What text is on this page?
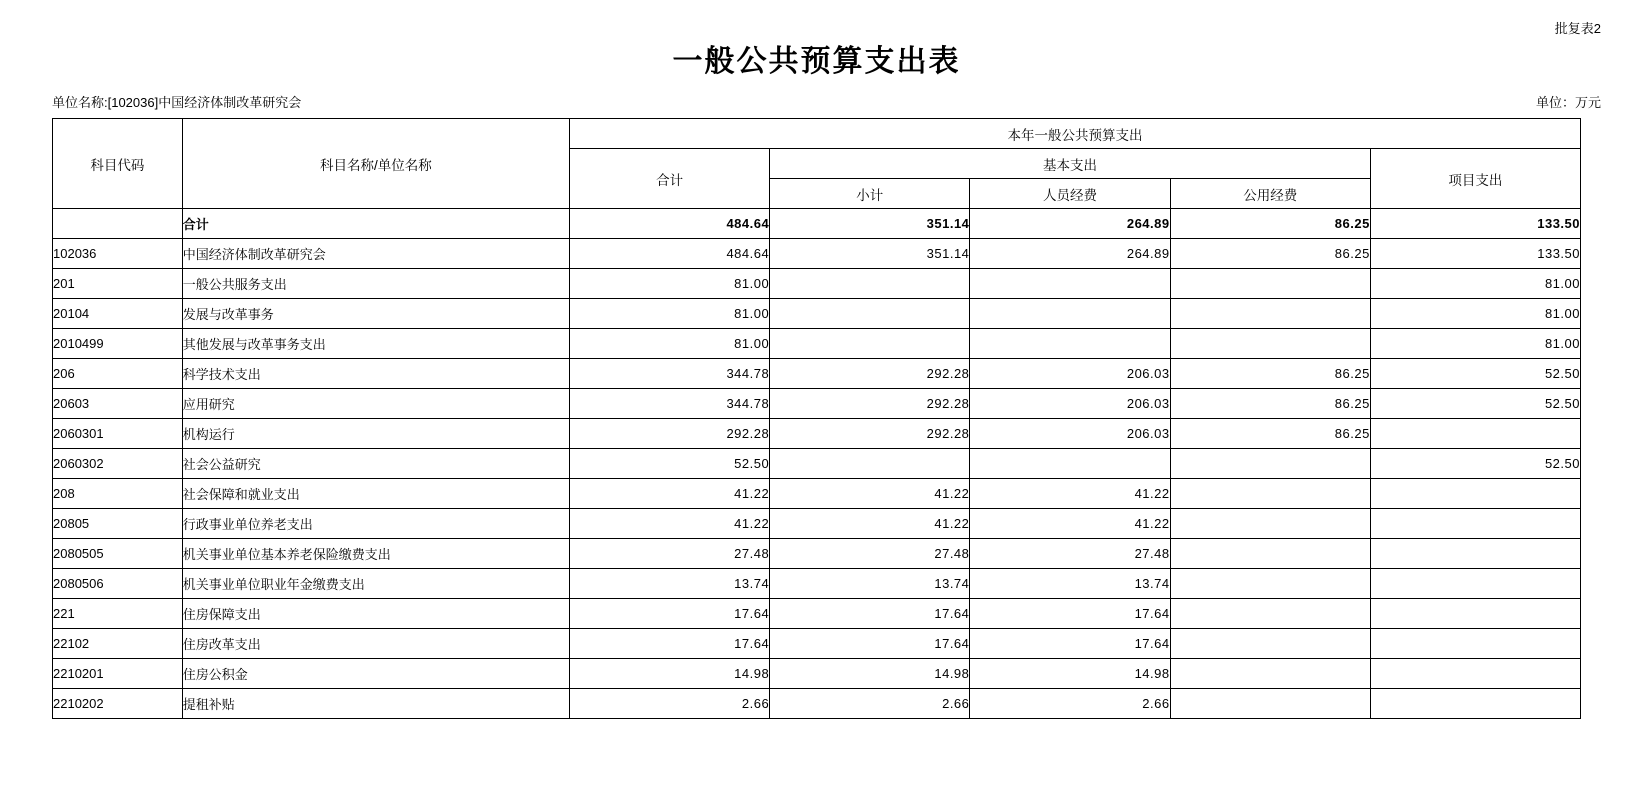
批复表2
一般公共预算支出表
单位名称:[102036]中国经济体制改革研究会	单位：万元
科目代码	科目名称/单位名称	本年一般公共预算支出				
		合计	基本支出			项目支出
			小计	人员经费	公用经费	
	合计	484.64	351.14	264.89	86.25	133.50
102036	中国经济体制改革研究会	484.64	351.14	264.89	86.25	133.50
201	一般公共服务支出	81.00				81.00
20104	发展与改革事务	81.00				81.00
2010499	其他发展与改革事务支出	81.00				81.00
206	科学技术支出	344.78	292.28	206.03	86.25	52.50
20603	应用研究	344.78	292.28	206.03	86.25	52.50
2060301	机构运行	292.28	292.28	206.03	86.25	
2060302	社会公益研究	52.50				52.50
208	社会保障和就业支出	41.22	41.22	41.22		
20805	行政事业单位养老支出	41.22	41.22	41.22		
2080505	机关事业单位基本养老保险缴费支出	27.48	27.48	27.48		
2080506	机关事业单位职业年金缴费支出	13.74	13.74	13.74		
221	住房保障支出	17.64	17.64	17.64		
22102	住房改革支出	17.64	17.64	17.64		
2210201	住房公积金	14.98	14.98	14.98		
2210202	提租补贴	2.66	2.66	2.66		
